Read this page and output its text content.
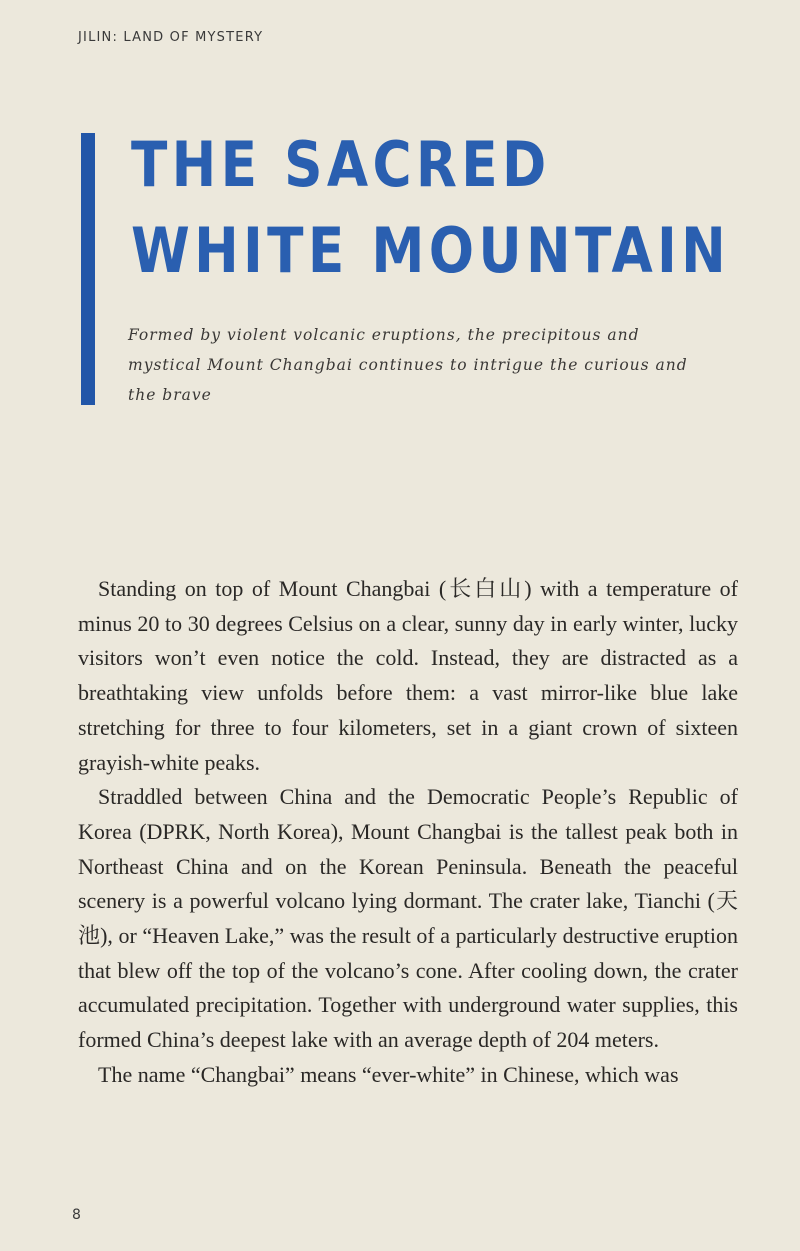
JILIN: LAND OF MYSTERY
THE SACRED
WHITE MOUNTAIN

Formed by violent volcanic eruptions, the precipitous and mystical Mount Changbai continues to intrigue the curious and the brave

Standing on top of Mount Changbai (长白山) with a temperature of minus 20 to 30 degrees Celsius on a clear, sunny day in early winter, lucky visitors won’t even notice the cold. Instead, they are distracted as a breathtaking view unfolds before them: a vast mirror-like blue lake stretching for three to four kilometers, set in a giant crown of sixteen grayish-white peaks.

Straddled between China and the Democratic People’s Republic of Korea (DPRK, North Korea), Mount Changbai is the tallest peak both in Northeast China and on the Korean Peninsula. Beneath the peaceful scenery is a powerful volcano lying dormant. The crater lake, Tianchi (天池), or “Heaven Lake,” was the result of a particularly destructive eruption that blew off the top of the volcano’s cone. After cooling down, the crater accumulated precipitation. Together with underground water supplies, this formed China’s deepest lake with an average depth of 204 meters.

The name “Changbai” means “ever-white” in Chinese, which was

8
